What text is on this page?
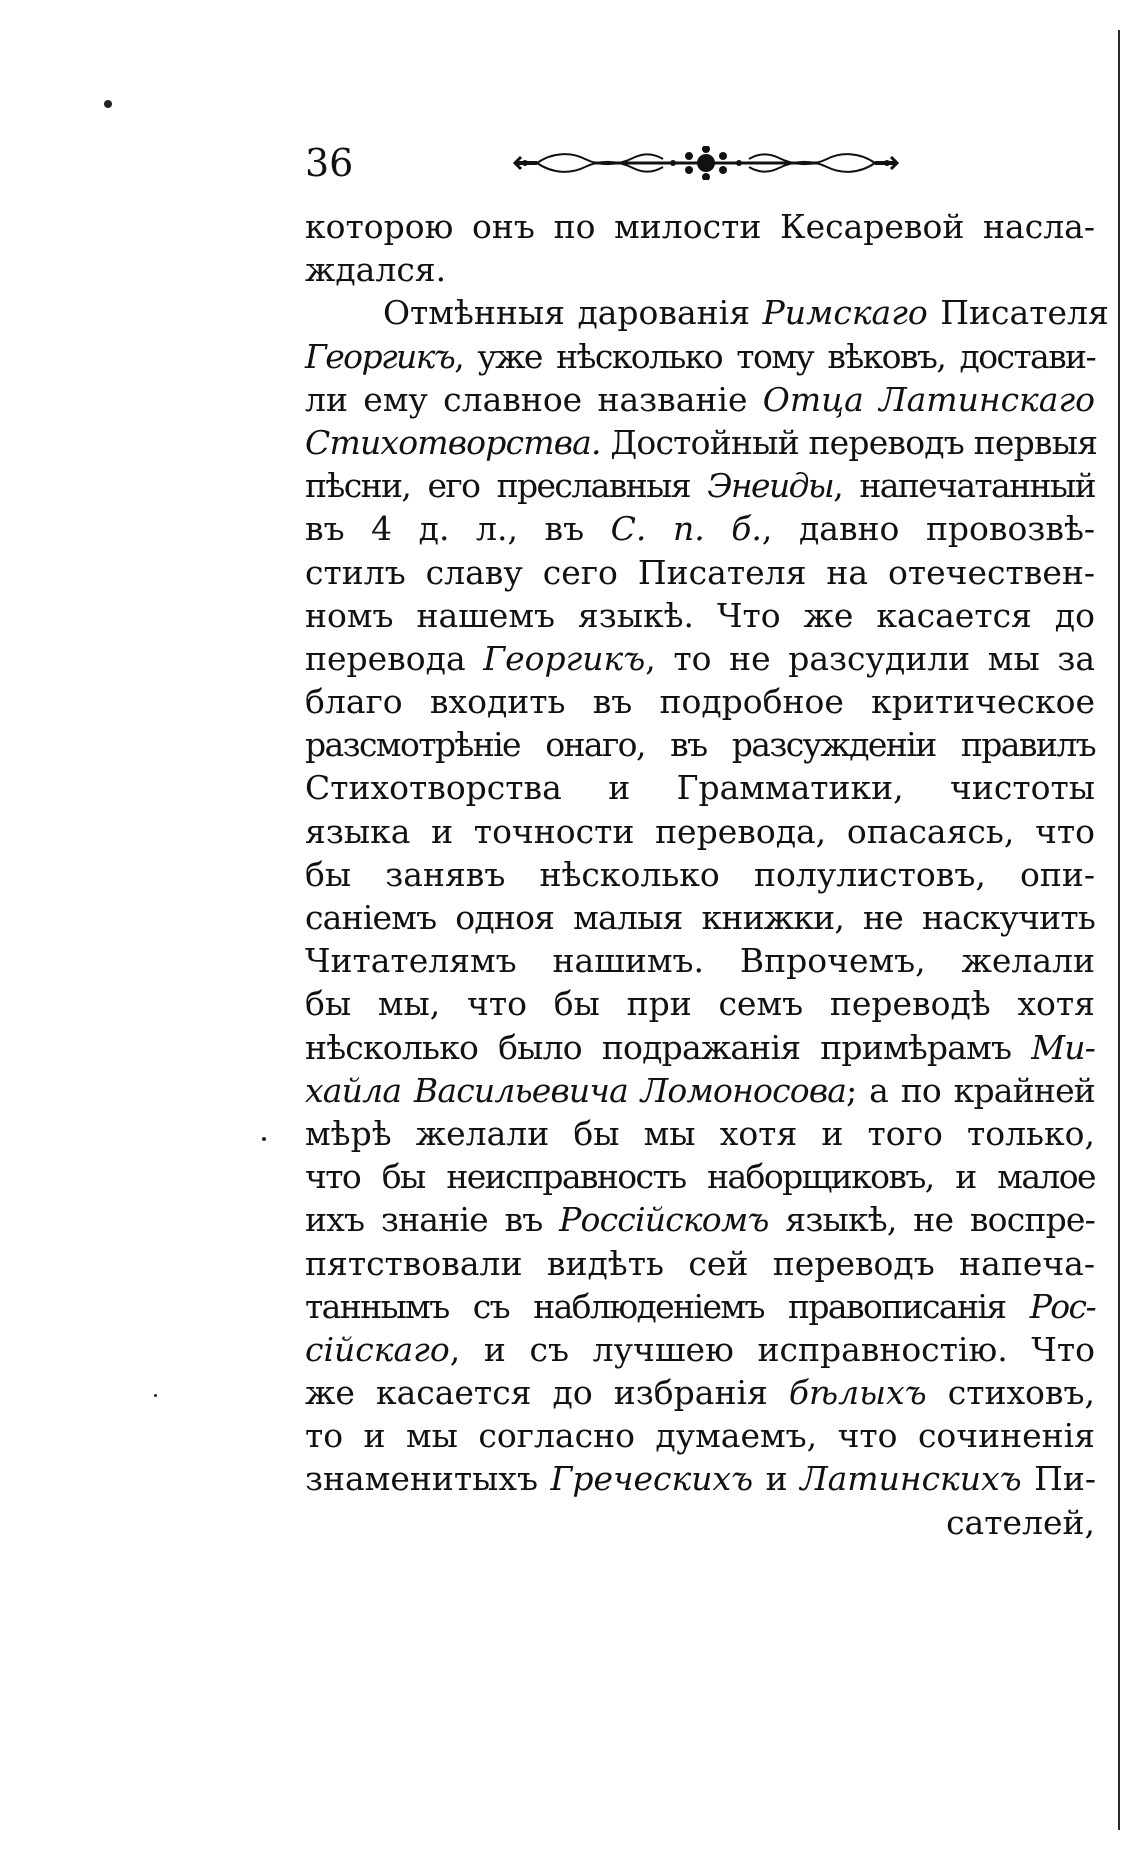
36
которою онъ по милости Кесаревой насла-
ждался.
Отмѣнныя дарованія Римскаго Писателя
Георгикъ, уже нѣсколько тому вѣковъ, достави-
ли ему славное названіе Отца Латинскаго
Стихотворства. Достойный переводъ первыя
пѣсни, его преславныя Энеиды, напечатанный
въ 4 д. л., въ С. п. б., давно провозвѣ-
стилъ славу сего Писателя на отечествен-
номъ нашемъ языкѣ. Что же касается до
перевода Георгикъ, то не разсудили мы за
благо входить въ подробное критическое
разсмотрѣніе онаго, въ разсужденіи правилъ
Стихотворства и Грамматики, чистоты
языка и точности перевода, опасаясь, что
бы занявъ нѣсколько полулистовъ, опи-
саніемъ одноя малыя книжки, не наскучить
Читателямъ нашимъ. Впрочемъ, желали
бы мы, что бы при семъ переводѣ хотя
нѣсколько было подражанія примѣрамъ Ми-
хайла Васильевича Ломоносова; а по крайней
мѣрѣ желали бы мы хотя и того только,
что бы неисправность наборщиковъ, и малое
ихъ знаніе въ Россійскомъ языкѣ, не воспре-
пятствовали видѣть сей переводъ напеча-
таннымъ съ наблюденіемъ правописанія Рос-
сійскаго, и съ лучшею исправностію. Что
же касается до избранія бѣлыхъ стиховъ,
то и мы согласно думаемъ, что сочиненія
знаменитыхъ Греческихъ и Латинскихъ Пи-
сателей,
